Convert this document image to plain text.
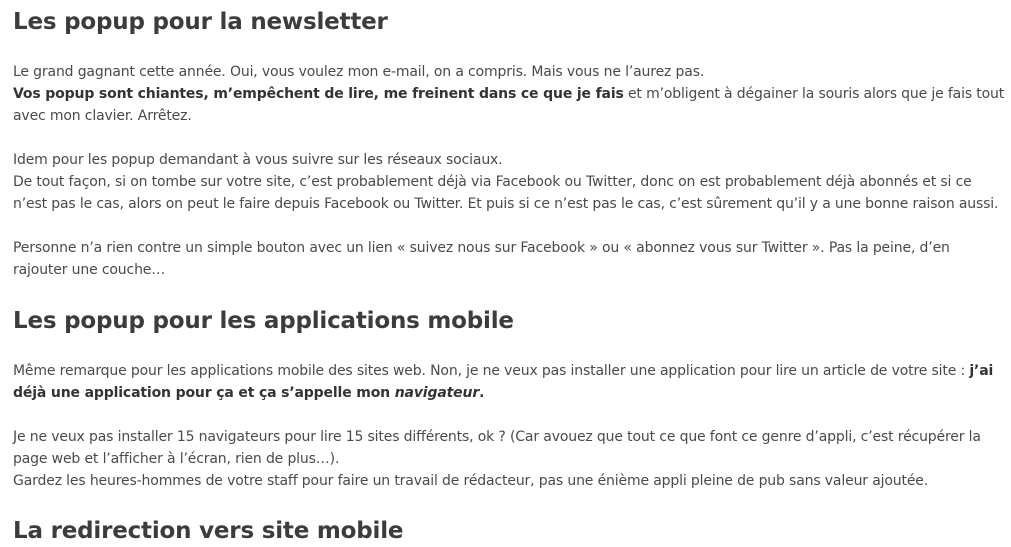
Les popup pour la newsletter

Le grand gagnant cette année. Oui, vous voulez mon e-mail, on a compris. Mais vous ne l’aurez pas.
Vos popup sont chiantes, m’empêchent de lire, me freinent dans ce que je fais et m’obligent à dégainer la souris alors que je fais tout
avec mon clavier. Arrêtez.

Idem pour les popup demandant à vous suivre sur les réseaux sociaux.
De tout façon, si on tombe sur votre site, c’est probablement déjà via Facebook ou Twitter, donc on est probablement déjà abonnés et si ce
n’est pas le cas, alors on peut le faire depuis Facebook ou Twitter. Et puis si ce n’est pas le cas, c’est sûrement qu’il y a une bonne raison aussi.

Personne n’a rien contre un simple bouton avec un lien « suivez nous sur Facebook » ou « abonnez vous sur Twitter ». Pas la peine, d’en
rajouter une couche…

Les popup pour les applications mobile

Même remarque pour les applications mobile des sites web. Non, je ne veux pas installer une application pour lire un article de votre site : j’ai
déjà une application pour ça et ça s’appelle mon navigateur.

Je ne veux pas installer 15 navigateurs pour lire 15 sites différents, ok ? (Car avouez que tout ce que font ce genre d’appli, c’est récupérer la
page web et l’afficher à l’écran, rien de plus…).
Gardez les heures-hommes de votre staff pour faire un travail de rédacteur, pas une énième appli pleine de pub sans valeur ajoutée.

La redirection vers site mobile
